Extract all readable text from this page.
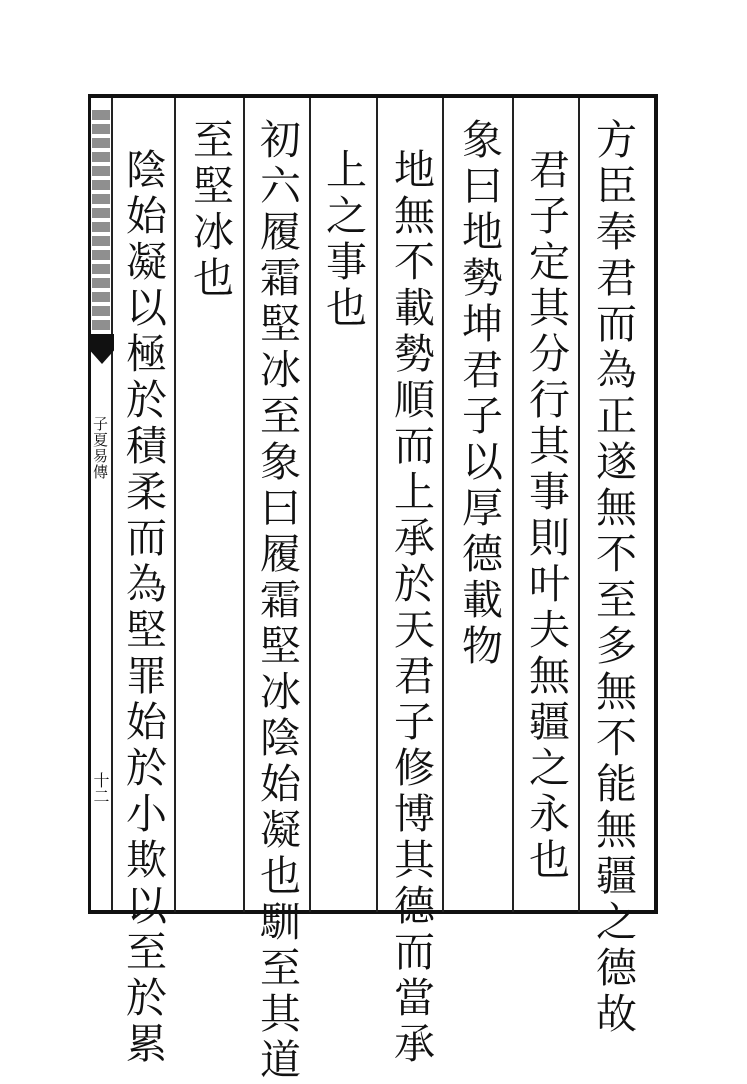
子夏易傳
十二	方臣奉君而為正遂無不至多無不能無疆之德故
君子定其分行其事則叶夫無疆之永也
象曰地勢坤君子以厚德載物
地無不載勢順而上承於天君子修博其德而當承
上之事也
初六履霜堅冰至象曰履霜堅冰陰始凝也馴至其道
至堅冰也
陰始凝以極於積柔而為堅罪始於小欺以至於累
